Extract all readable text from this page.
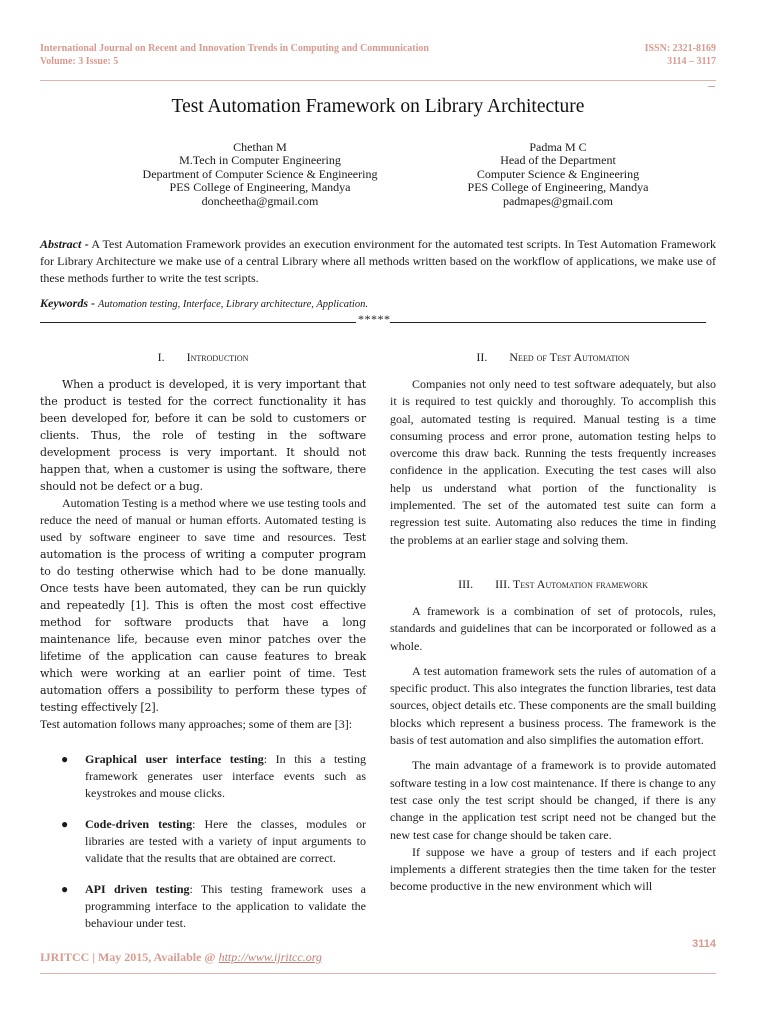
International Journal on Recent and Innovation Trends in Computing and Communication
Volume: 3 Issue: 5
ISSN: 2321-8169
3114 – 3117
Test Automation Framework on Library Architecture
Chethan M
M.Tech in Computer Engineering
Department of Computer Science & Engineering
PES College of Engineering, Mandya
doncheetha@gmail.com
Padma M C
Head of the Department
Computer Science & Engineering
PES College of Engineering, Mandya
padmapes@gmail.com
Abstract - A Test Automation Framework provides an execution environment for the automated test scripts. In Test Automation Framework for Library Architecture we make use of a central Library where all methods written based on the workflow of applications, we make use of these methods further to write the test scripts.
Keywords - Automation testing, Interface, Library architecture, Application.
*****
I. Introduction

When a product is developed, it is very important that the product is tested for the correct functionality it has been developed for, before it can be sold to customers or clients. Thus, the role of testing in the software development process is very important. It should not happen that, when a customer is using the software, there should not be defect or a bug.

Automation Testing is a method where we use testing tools and reduce the need of manual or human efforts. Automated testing is used by software engineer to save time and resources. Test automation is the process of writing a computer program to do testing otherwise which had to be done manually. Once tests have been automated, they can be run quickly and repeatedly [1]. This is often the most cost effective method for software products that have a long maintenance life, because even minor patches over the lifetime of the application can cause features to break which were working at an earlier point of time. Test automation offers a possibility to perform these types of testing effectively [2].

Test automation follows many approaches; some of them are [3]:

● Graphical user interface testing: In this a testing framework generates user interface events such as keystrokes and mouse clicks.
● Code-driven testing: Here the classes, modules or libraries are tested with a variety of input arguments to validate that the results that are obtained are correct.
● API driven testing: This testing framework uses a programming interface to the application to validate the behaviour under test.
II. Need of Test Automation

Companies not only need to test software adequately, but also it is required to test quickly and thoroughly. To accomplish this goal, automated testing is required. Manual testing is a time consuming process and error prone, automation testing helps to overcome this draw back. Running the tests frequently increases confidence in the application. Executing the test cases will also help us understand what portion of the functionality is implemented. The set of the automated test suite can form a regression test suite. Automating also reduces the time in finding the problems at an earlier stage and solving them.

III. III. Test Automation framework

A framework is a combination of set of protocols, rules, standards and guidelines that can be incorporated or followed as a whole.

A test automation framework sets the rules of automation of a specific product. This also integrates the function libraries, test data sources, object details etc. These components are the small building blocks which represent a business process. The framework is the basis of test automation and also simplifies the automation effort.

The main advantage of a framework is to provide automated software testing in a low cost maintenance. If there is change to any test case only the test script should be changed, if there is any change in the application test script need not be changed but the new test case for change should be taken care.

If suppose we have a group of testers and if each project implements a different strategies then the time taken for the tester become productive in the new environment which will

3114
IJRITCC | May 2015, Available @ http://www.ijritcc.org
